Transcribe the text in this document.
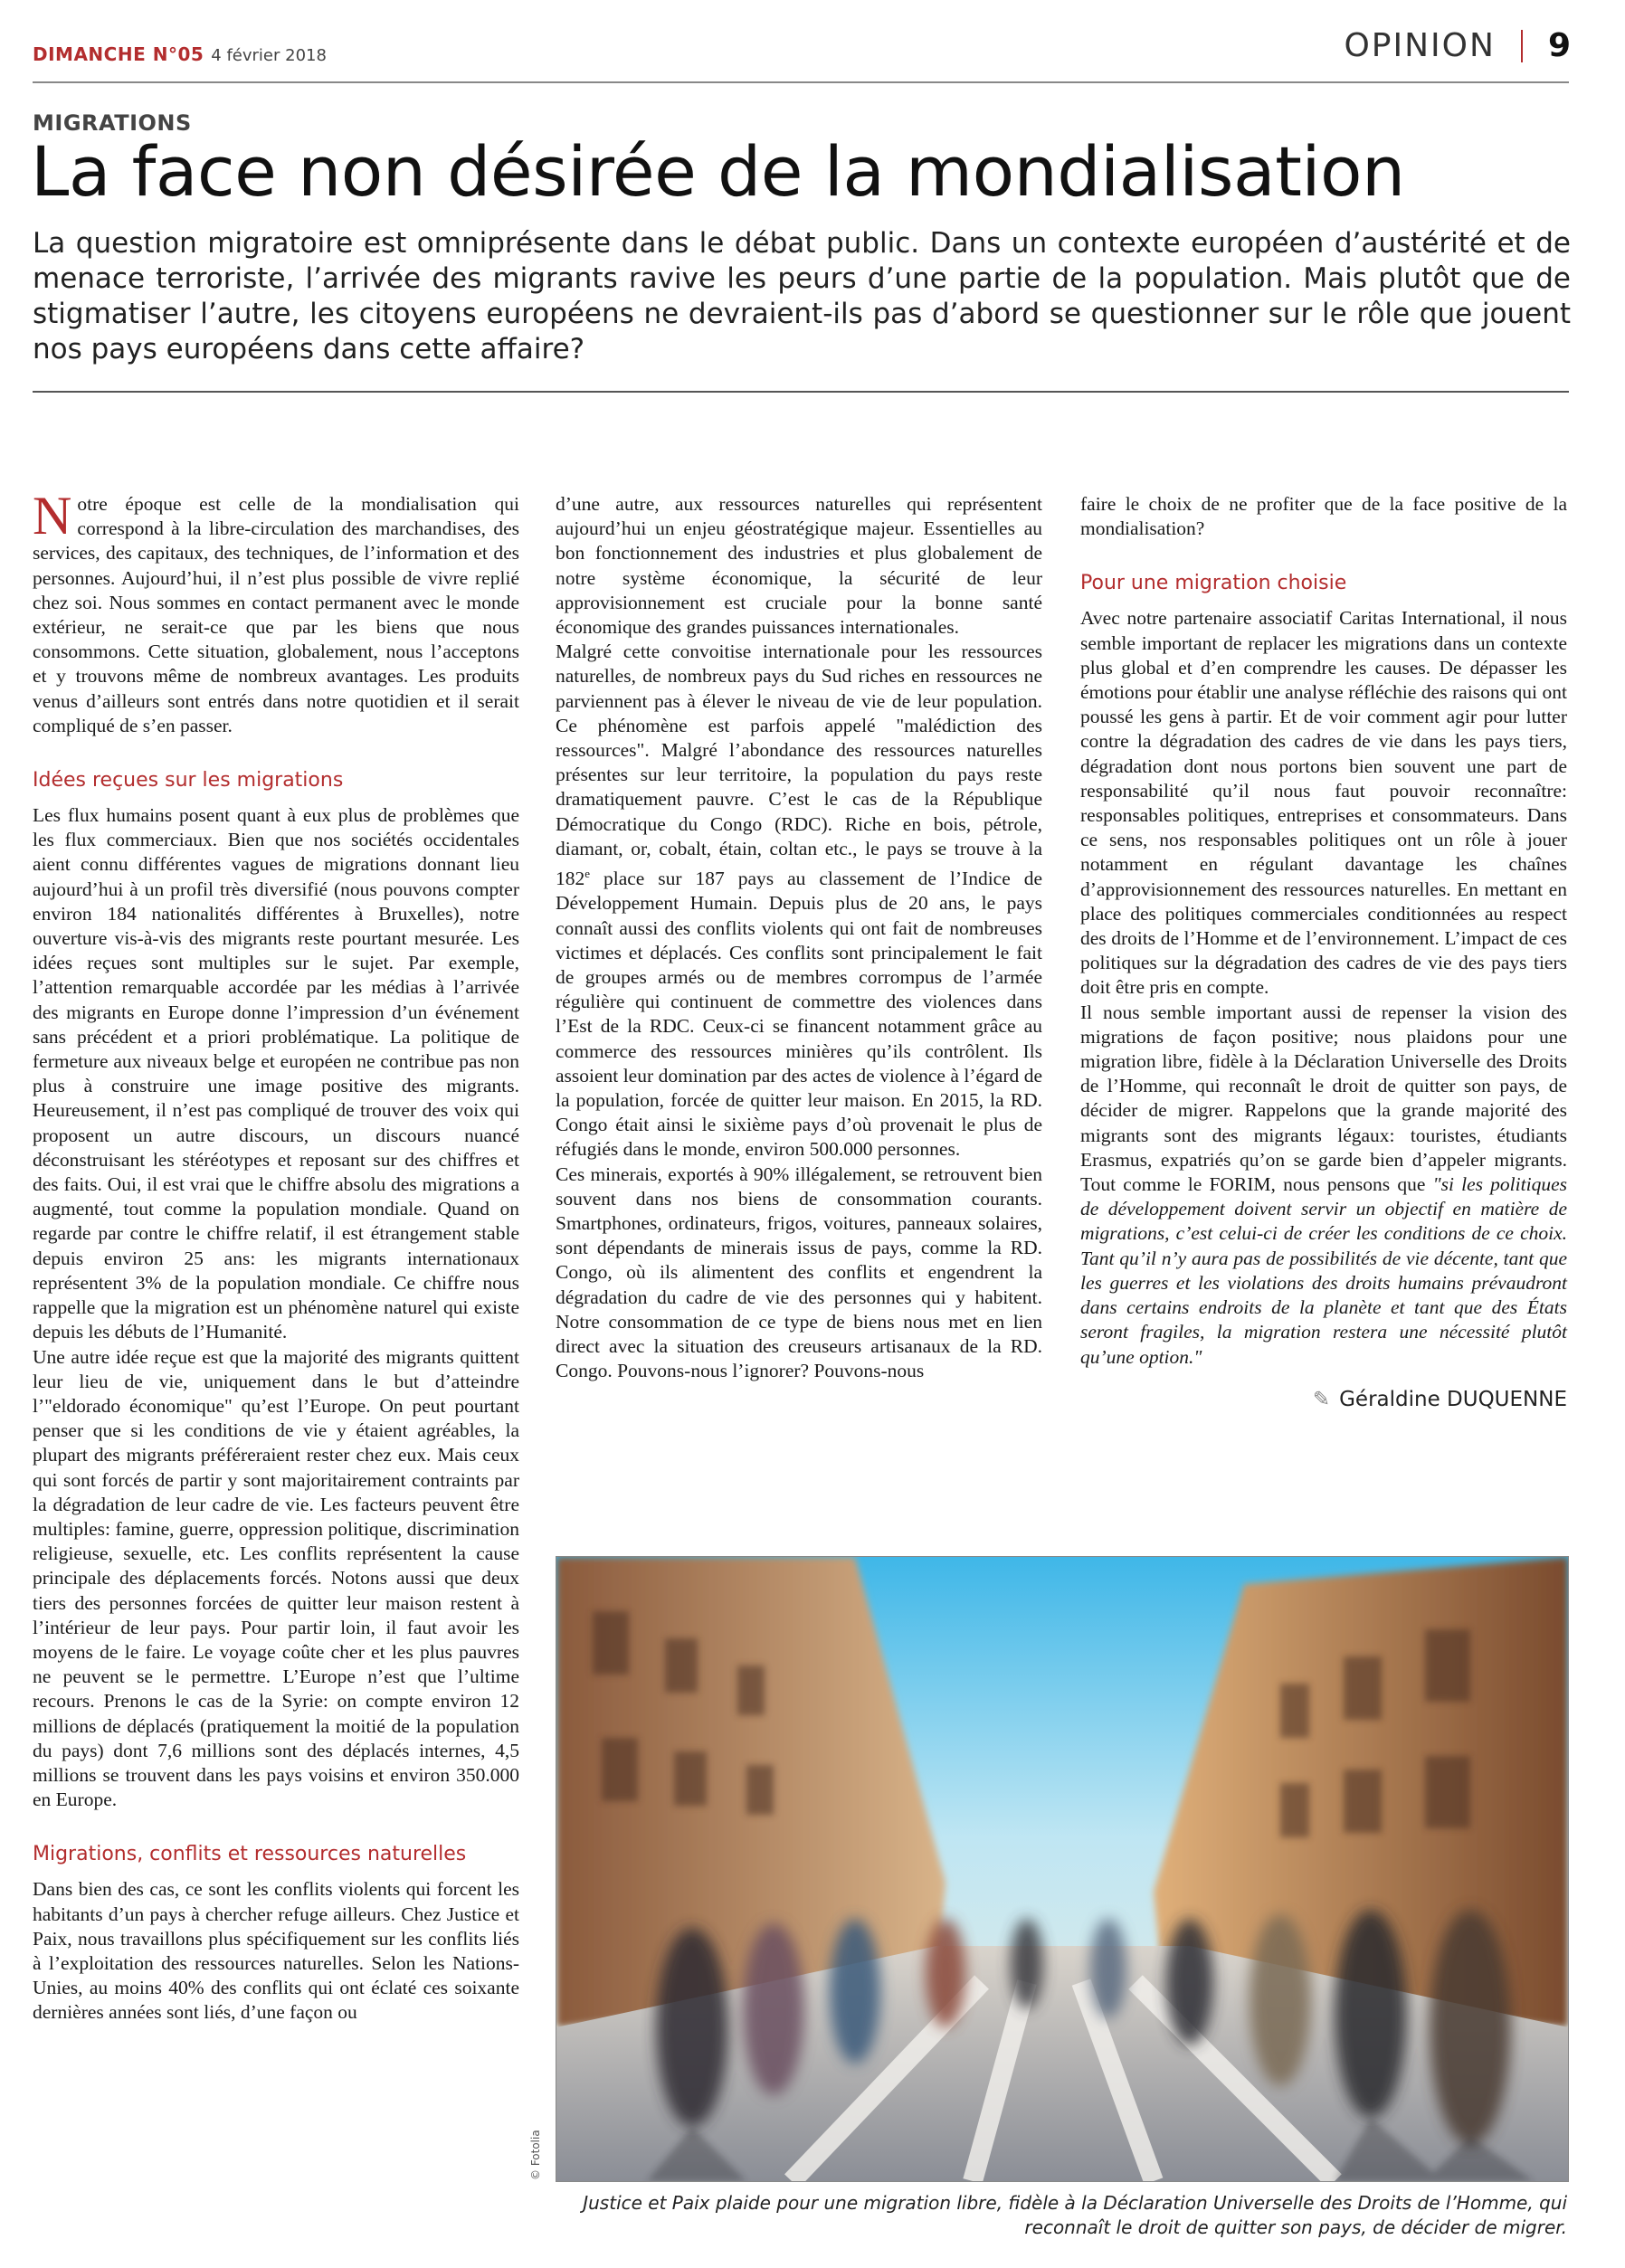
DIMANCHE N°05 4 février 2018	OPINION 9
MIGRATIONS
La face non désirée de la mondialisation

La question migratoire est omniprésente dans le débat public. Dans un contexte européen d’austérité et de menace terroriste, l’arrivée des migrants ravive les peurs d’une partie de la population. Mais plutôt que de stigmatiser l’autre, les citoyens européens ne devraient-ils pas d’abord se questionner sur le rôle que jouent nos pays européens dans cette affaire?

Notre époque est celle de la mondialisation qui correspond à la libre-circulation des marchandises, des services, des capitaux, des techniques, de l’information et des personnes. Aujourd’hui, il n’est plus possible de vivre replié chez soi. Nous sommes en contact permanent avec le monde extérieur, ne serait-ce que par les biens que nous consommons. Cette situation, globalement, nous l’acceptons et y trouvons même de nombreux avantages. Les produits venus d’ailleurs sont entrés dans notre quotidien et il serait compliqué de s’en passer.

Idées reçues sur les migrations

Les flux humains posent quant à eux plus de problèmes que les flux commerciaux. Bien que nos sociétés occidentales aient connu différentes vagues de migrations donnant lieu aujourd’hui à un profil très diversifié (nous pouvons compter environ 184 nationalités différentes à Bruxelles), notre ouverture vis-à-vis des migrants reste pourtant mesurée. Les idées reçues sont multiples sur le sujet. Par exemple, l’attention remarquable accordée par les médias à l’arrivée des migrants en Europe donne l’impression d’un événement sans précédent et a priori problématique. La politique de fermeture aux niveaux belge et européen ne contribue pas non plus à construire une image positive des migrants. Heureusement, il n’est pas compliqué de trouver des voix qui proposent un autre discours, un discours nuancé déconstruisant les stéréotypes et reposant sur des chiffres et des faits. Oui, il est vrai que le chiffre absolu des migrations a augmenté, tout comme la population mondiale. Quand on regarde par contre le chiffre relatif, il est étrangement stable depuis environ 25 ans: les migrants internationaux représentent 3% de la population mondiale. Ce chiffre nous rappelle que la migration est un phénomène naturel qui existe depuis les débuts de l’Humanité.

Une autre idée reçue est que la majorité des migrants quittent leur lieu de vie, uniquement dans le but d’atteindre l’"eldorado économique" qu’est l’Europe. On peut pourtant penser que si les conditions de vie y étaient agréables, la plupart des migrants préféreraient rester chez eux. Mais ceux qui sont forcés de partir y sont majoritairement contraints par la dégradation de leur cadre de vie. Les facteurs peuvent être multiples: famine, guerre, oppression politique, discrimination religieuse, sexuelle, etc. Les conflits représentent la cause principale des déplacements forcés. Notons aussi que deux tiers des personnes forcées de quitter leur maison restent à l’intérieur de leur pays. Pour partir loin, il faut avoir les moyens de le faire. Le voyage coûte cher et les plus pauvres ne peuvent se le permettre. L’Europe n’est que l’ultime recours. Prenons le cas de la Syrie: on compte environ 12 millions de déplacés (pratiquement la moitié de la population du pays) dont 7,6 millions sont des déplacés internes, 4,5 millions se trouvent dans les pays voisins et environ 350.000 en Europe.

Migrations, conflits et ressources naturelles

Dans bien des cas, ce sont les conflits violents qui forcent les habitants d’un pays à chercher refuge ailleurs. Chez Justice et Paix, nous travaillons plus spécifiquement sur les conflits liés à l’exploitation des ressources naturelles. Selon les Nations-Unies, au moins 40% des conflits qui ont éclaté ces soixante dernières années sont liés, d’une façon ou

d’une autre, aux ressources naturelles qui représentent aujourd’hui un enjeu géostratégique majeur. Essentielles au bon fonctionnement des industries et plus globalement de notre système économique, la sécurité de leur approvisionnement est cruciale pour la bonne santé économique des grandes puissances internationales.

Malgré cette convoitise internationale pour les ressources naturelles, de nombreux pays du Sud riches en ressources ne parviennent pas à élever le niveau de vie de leur population. Ce phénomène est parfois appelé "malédiction des ressources". Malgré l’abondance des ressources naturelles présentes sur leur territoire, la population du pays reste dramatiquement pauvre. C’est le cas de la République Démocratique du Congo (RDC). Riche en bois, pétrole, diamant, or, cobalt, étain, coltan etc., le pays se trouve à la 182e place sur 187 pays au classement de l’Indice de Développement Humain. Depuis plus de 20 ans, le pays connaît aussi des conflits violents qui ont fait de nombreuses victimes et déplacés. Ces conflits sont principalement le fait de groupes armés ou de membres corrompus de l’armée régulière qui continuent de commettre des violences dans l’Est de la RDC. Ceux-ci se financent notamment grâce au commerce des ressources minières qu’ils contrôlent. Ils assoient leur domination par des actes de violence à l’égard de la population, forcée de quitter leur maison. En 2015, la RD. Congo était ainsi le sixième pays d’où provenait le plus de réfugiés dans le monde, environ 500.000 personnes.

Ces minerais, exportés à 90% illégalement, se retrouvent bien souvent dans nos biens de consommation courants. Smartphones, ordinateurs, frigos, voitures, panneaux solaires, sont dépendants de minerais issus de pays, comme la RD. Congo, où ils alimentent des conflits et engendrent la dégradation du cadre de vie des personnes qui y habitent. Notre consommation de ce type de biens nous met en lien direct avec la situation des creuseurs artisanaux de la RD. Congo. Pouvons-nous l’ignorer? Pouvons-nous

faire le choix de ne profiter que de la face positive de la mondialisation?

Pour une migration choisie

Avec notre partenaire associatif Caritas International, il nous semble important de replacer les migrations dans un contexte plus global et d’en comprendre les causes. De dépasser les émotions pour établir une analyse réfléchie des raisons qui ont poussé les gens à partir. Et de voir comment agir pour lutter contre la dégradation des cadres de vie dans les pays tiers, dégradation dont nous portons bien souvent une part de responsabilité qu’il nous faut pouvoir reconnaître: responsables politiques, entreprises et consommateurs. Dans ce sens, nos responsables politiques ont un rôle à jouer notamment en régulant davantage les chaînes d’approvisionnement des ressources naturelles. En mettant en place des politiques commerciales conditionnées au respect des droits de l’Homme et de l’environnement. L’impact de ces politiques sur la dégradation des cadres de vie des pays tiers doit être pris en compte.

Il nous semble important aussi de repenser la vision des migrations de façon positive; nous plaidons pour une migration libre, fidèle à la Déclaration Universelle des Droits de l’Homme, qui reconnaît le droit de quitter son pays, de décider de migrer. Rappelons que la grande majorité des migrants sont des migrants légaux: touristes, étudiants Erasmus, expatriés qu’on se garde bien d’appeler migrants. Tout comme le FORIM, nous pensons que "si les politiques de développement doivent servir un objectif en matière de migrations, c’est celui-ci de créer les conditions de ce choix. Tant qu’il n’y aura pas de possibilités de vie décente, tant que les guerres et les violations des droits humains prévaudront dans certains endroits de la planète et tant que des États seront fragiles, la migration restera une nécessité plutôt qu’une option."

✎ Géraldine DUQUENNE
© Fotolia

Justice et Paix plaide pour une migration libre, fidèle à la Déclaration Universelle des Droits de l’Homme, qui reconnaît le droit de quitter son pays, de décider de migrer.
